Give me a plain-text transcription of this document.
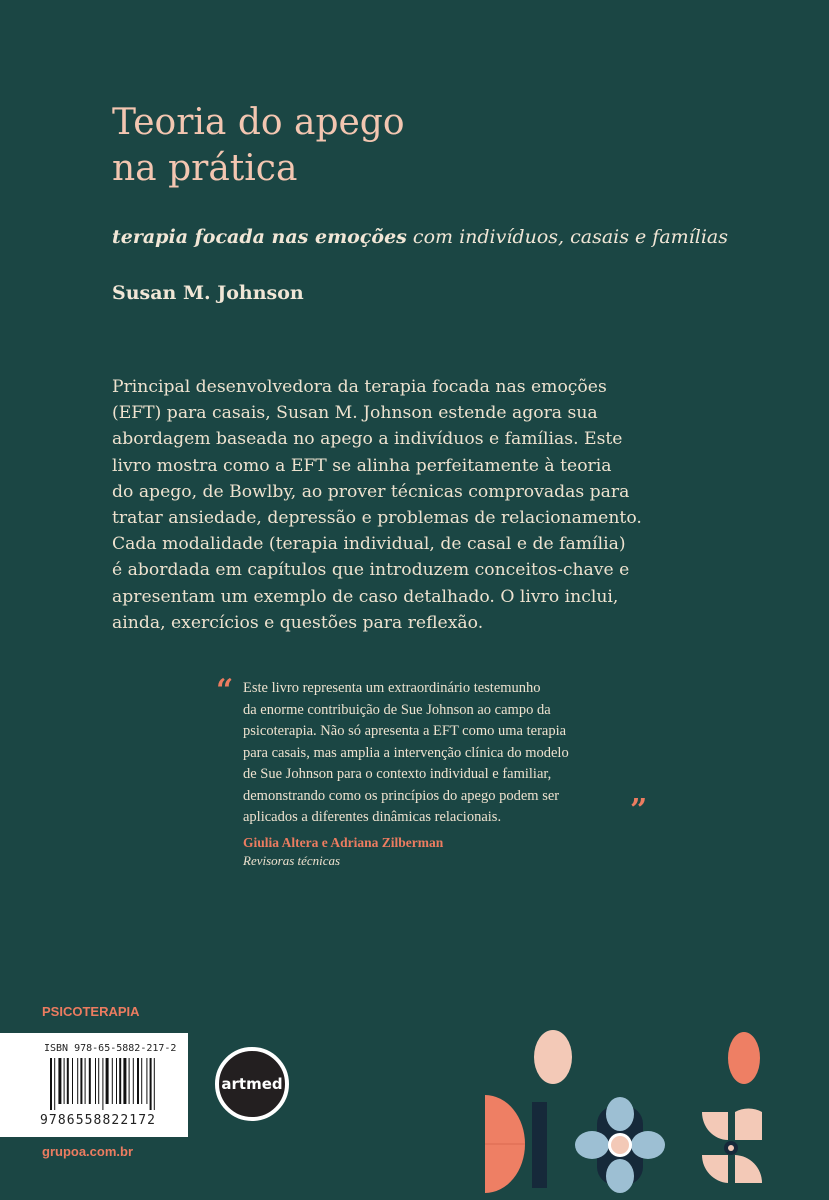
Teoria do apego
na prática
terapia focada nas emoções com indivíduos, casais e famílias
Susan M. Johnson
Principal desenvolvedora da terapia focada nas emoções
(EFT) para casais, Susan M. Johnson estende agora sua
abordagem baseada no apego a indivíduos e famílias. Este
livro mostra como a EFT se alinha perfeitamente à teoria
do apego, de Bowlby, ao prover técnicas comprovadas para
tratar ansiedade, depressão e problemas de relacionamento.
Cada modalidade (terapia individual, de casal e de família)
é abordada em capítulos que introduzem conceitos-chave e
apresentam um exemplo de caso detalhado. O livro inclui,
ainda, exercícios e questões para reflexão.
“ Este livro representa um extraordinário testemunho
da enorme contribuição de Sue Johnson ao campo da
psicoterapia. Não só apresenta a EFT como uma terapia
para casais, mas amplia a intervenção clínica do modelo
de Sue Johnson para o contexto individual e familiar,
demonstrando como os princípios do apego podem ser
aplicados a diferentes dinâmicas relacionais.	”
Giulia Altera e Adriana Zilberman
Revisoras técnicas
PSICOTERAPIA
ISBN 978-65-5882-217-2
9786558822172
artmed
grupoa.com.br
